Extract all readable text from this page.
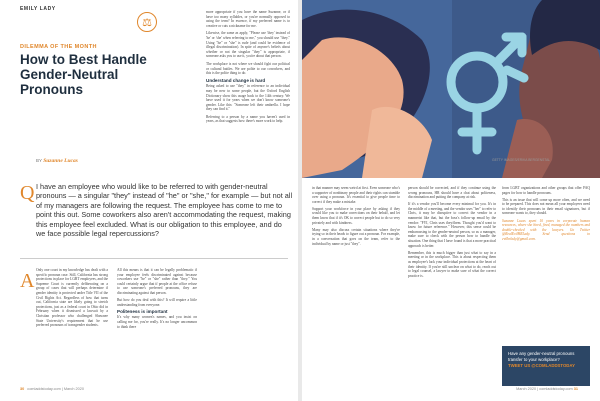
EMILY LADY
⚖
DILEMMA OF THE MONTH
How to Best Handle Gender-Neutral Pronouns
BY Suzanne Lucas
Q I have an employee who would like to be referred to with gender-neutral pronouns — a singular "they" instead of "he" or "she," for example — but not all of my managers are following the request. The employee has come to me to point this out. Some coworkers also aren't accommodating the request, making this employee feel excluded. What is our obligation to this employee, and do we face possible legal repercussions?

A Only one court in my knowledge has dealt with a specific pronoun case. Still, California has strong protections in place for LGBT employees, and the Supreme Court is currently deliberating on a group of cases that will perhaps determine if gender identity is protected under Title VII of the Civil Rights Act. Regardless of how that turns out, California state are likely going to stretch protections, just as a federal court in Ohio did in February when it dismissed a lawsuit by a Christian professor who challenged Shawnee State University's requirement that he use preferred pronouns of transgender students.

All this means is that it can be legally problematic if your employee feels discriminated against because coworkers use "he" or "she" rather than "they." You could certainly argue that if people at the office refuse to use someone's preferred pronouns, they are discriminating against that person.

But how do you deal with this? It will require a little understanding from everyone.

Politeness is important

It's why many women's names, and you insist on calling me for, you're really. It's no longer uncommon to think there

more appropriate if you have the name Suzanne, or if have too many syllables, or you're normally opposed to using the term? In essence, if my preferred name is to creative or cuts a nickname for me.

Likewise, the same as apply, "Please use 'they' instead of 'he' or 'she' when referring to me," you should use "they." Using "he" or "she" is rude (and could be evidence of illegal discrimination). In spite of anyone's beliefs about whether or not the singular "they" is appropriate, if someone asks you to use it, you're about that person.

The workplace is not where we should fight our political or cultural battles. We are polite to our coworkers, and this is the polite thing to do.

Understand change is hard

Being asked to use "they" in reference to an individual may be new to some people, but the Oxford English Dictionary show this usage back to the 14th century. We have used it for years when we don't know someone's gender. Like this: "Someone left their umbrella. I hope they can find it."

Referring to a person by a name you haven't used in years, as that suggests how there's more work to help.

30 comladdstoday.com | March 2020
GETTY IMAGES/ERIKA BERGENSTAL

in that manner may seem weird at first. Even someone who's a supporter of nonbinary people and their rights can stumble over using a pronoun. It's essential to give people time to correct if they make a mistake.

Support your workforce in your place by asking if they would like you to make corrections on their behalf, and let them know that if it's OK to correct people but to do so very privately and with kindness.

Many may also discuss certain situations where they're trying so in their heads to figure out a pronoun. For example, in a conversation that goes on the team, refer to the individual by name or just "they".

person should be corrected, and if they continue using the wrong pronouns, HR should have a chat about politeness, discrimination and putting the company at risk.

If it's a vendor you'll become every minimal for you. It's in the middle of a meeting, and the vendor uses "her" to refer to Chris, it may be disruptive to correct the vendor in a mannerist like that, but the boss's follow-up email by the vendor: "FYI, Chris uses they/them. Thought you'd want to know for future reference." However, this sense could be embarrassing to the gender-neutral person, so as a manager, make sure to check with the person how to handle the situation. One thing that I have found is that a more practical approach is better.

Remember, this is much bigger than just what to say in a meeting or in the workplace. This is about respecting them as employee's lack your individual protections at the heart of their identity. If you're still unclear on what to do, reach out to legal counsel, a lawyer to make sure of what the correct practice is.

from LGBT organizations and other groups that offer FAQ pages for how to handle pronouns.

This is an issue that will come up more often, and we need to be prepared. This does not mean all your employees need to identify their pronouns in their email signatures, but if someone wants to, they should.

Suzanne Lucas spent 10 years in corporate human resources, where she hired, fired, managed the numbers and double-checked with the lawyers. Go Twitter @RealEvilHRLady. Send questions to evilhrlady@gmail.com.

Have any gender-neutral pronouns transfer to your workplace?
TWEET US @COMLADDSTODAY
March 2020 | comladdstoday.com 31
